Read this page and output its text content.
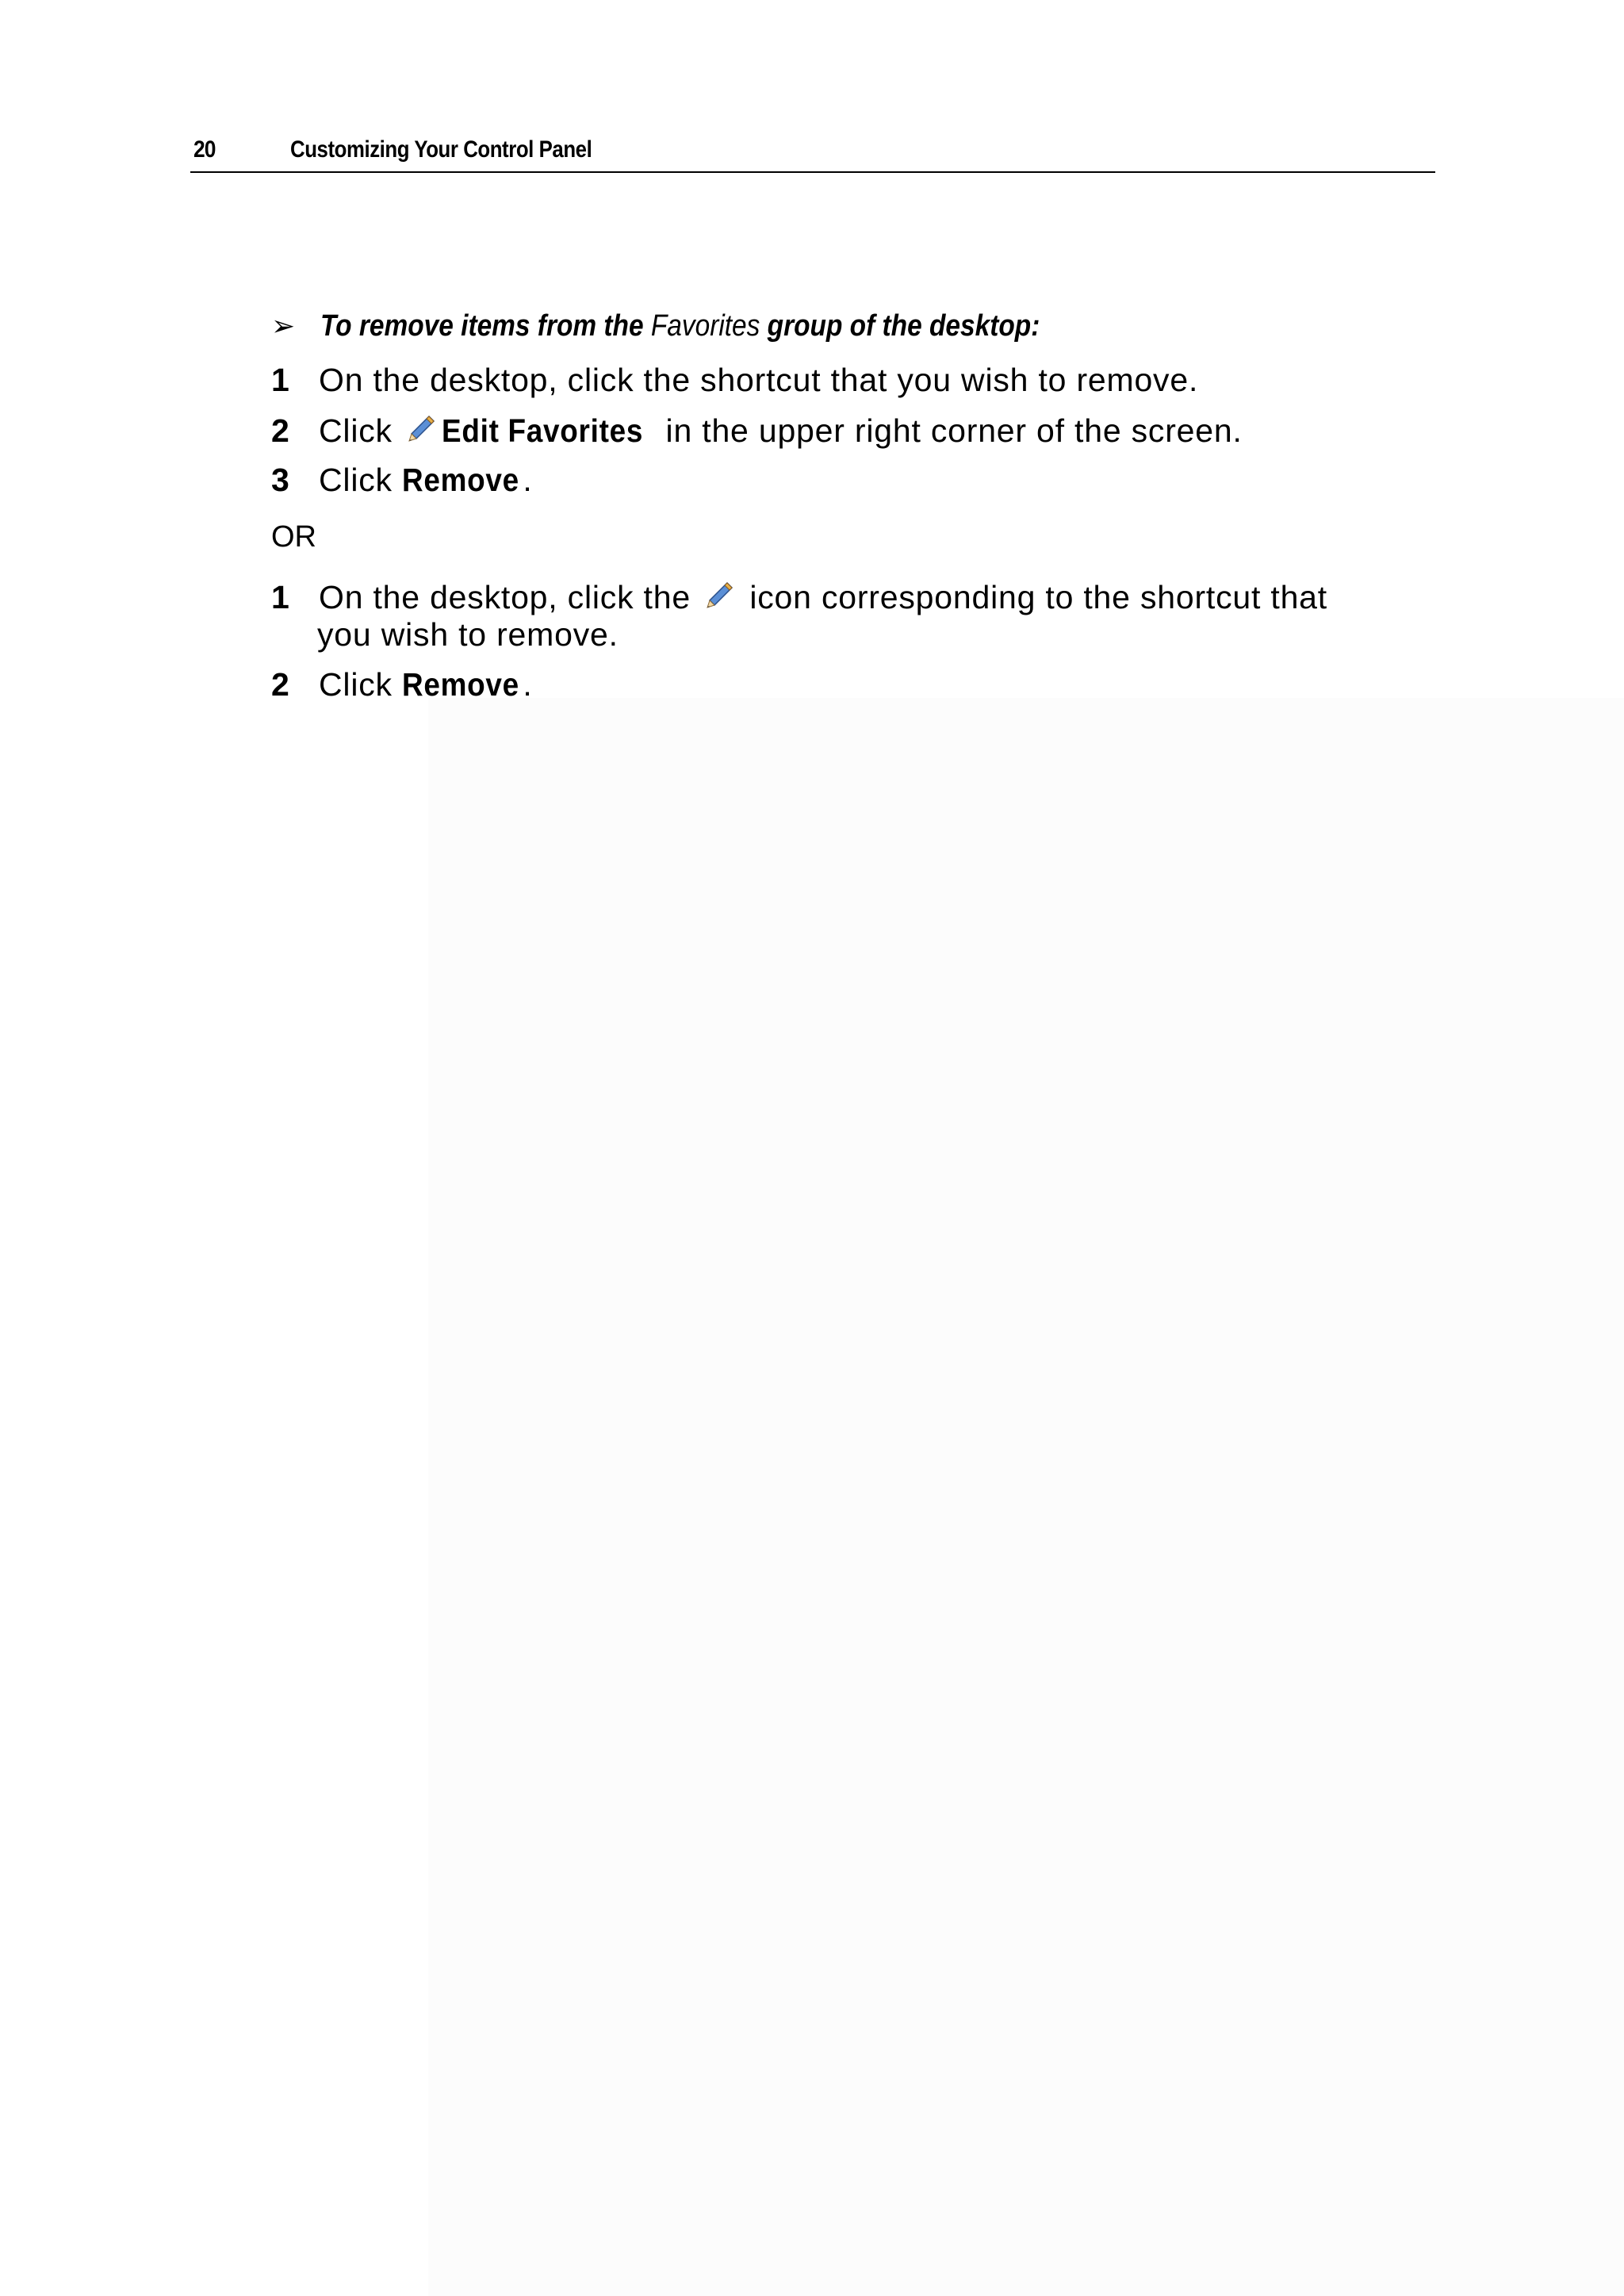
20	Customizing Your Control Panel
➢ To remove items from the Favorites group of the desktop:
1 On the desktop, click the shortcut that you wish to remove.
2 Click Edit Favorites in the upper right corner of the screen.
3 Click Remove .
OR
1 On the desktop, click the  icon corresponding to the shortcut that
you wish to remove.
2 Click Remove .
